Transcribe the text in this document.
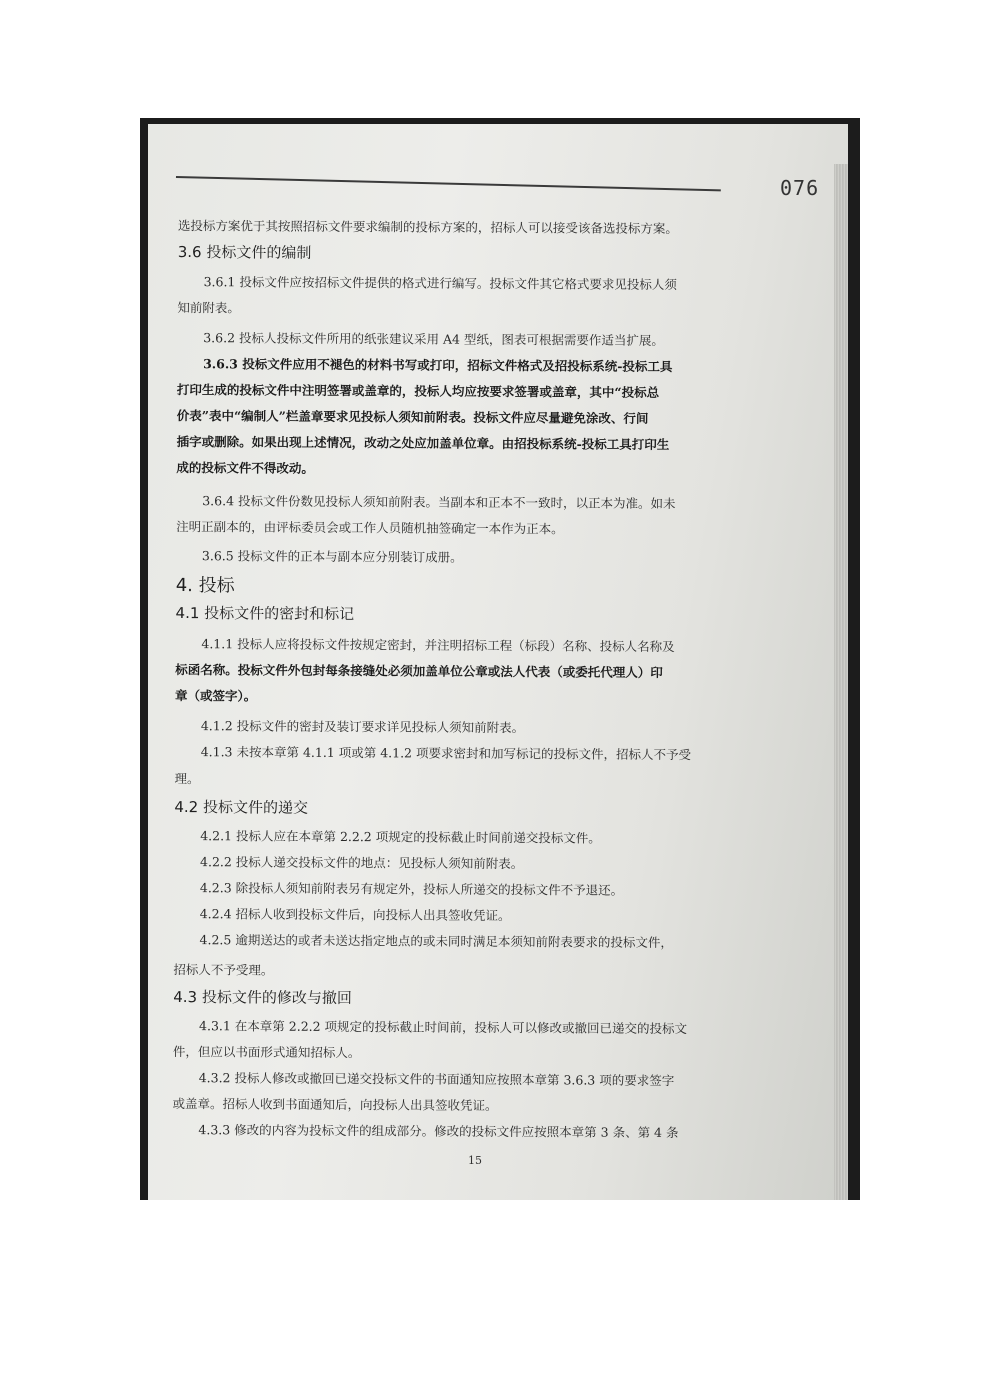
076
选投标方案优于其按照招标文件要求编制的投标方案的，招标人可以接受该备选投标方案。
3.6 投标文件的编制
3.6.1 投标文件应按招标文件提供的格式进行编写。投标文件其它格式要求见投标人须
知前附表。
3.6.2 投标人投标文件所用的纸张建议采用 A4 型纸，图表可根据需要作适当扩展。
3.6.3 投标文件应用不褪色的材料书写或打印，招标文件格式及招投标系统-投标工具
打印生成的投标文件中注明签署或盖章的，投标人均应按要求签署或盖章，其中“投标总
价表”表中“编制人”栏盖章要求见投标人须知前附表。投标文件应尽量避免涂改、行间
插字或删除。如果出现上述情况，改动之处应加盖单位章。由招投标系统-投标工具打印生
成的投标文件不得改动。
3.6.4 投标文件份数见投标人须知前附表。当副本和正本不一致时，以正本为准。如未
注明正副本的，由评标委员会或工作人员随机抽签确定一本作为正本。
3.6.5 投标文件的正本与副本应分别装订成册。
4. 投标
4.1 投标文件的密封和标记
4.1.1 投标人应将投标文件按规定密封，并注明招标工程（标段）名称、投标人名称及
标函名称。投标文件外包封每条接缝处必须加盖单位公章或法人代表（或委托代理人）印
章（或签字）。
4.1.2 投标文件的密封及装订要求详见投标人须知前附表。
4.1.3 未按本章第 4.1.1 项或第 4.1.2 项要求密封和加写标记的投标文件，招标人不予受
理。
4.2 投标文件的递交
4.2.1 投标人应在本章第 2.2.2 项规定的投标截止时间前递交投标文件。
4.2.2 投标人递交投标文件的地点：见投标人须知前附表。
4.2.3 除投标人须知前附表另有规定外，投标人所递交的投标文件不予退还。
4.2.4 招标人收到投标文件后，向投标人出具签收凭证。
4.2.5 逾期送达的或者未送达指定地点的或未同时满足本须知前附表要求的投标文件，
招标人不予受理。
4.3 投标文件的修改与撤回
4.3.1 在本章第 2.2.2 项规定的投标截止时间前，投标人可以修改或撤回已递交的投标文
件，但应以书面形式通知招标人。
4.3.2 投标人修改或撤回已递交投标文件的书面通知应按照本章第 3.6.3 项的要求签字
或盖章。招标人收到书面通知后，向投标人出具签收凭证。
4.3.3 修改的内容为投标文件的组成部分。修改的投标文件应按照本章第 3 条、第 4 条
15
